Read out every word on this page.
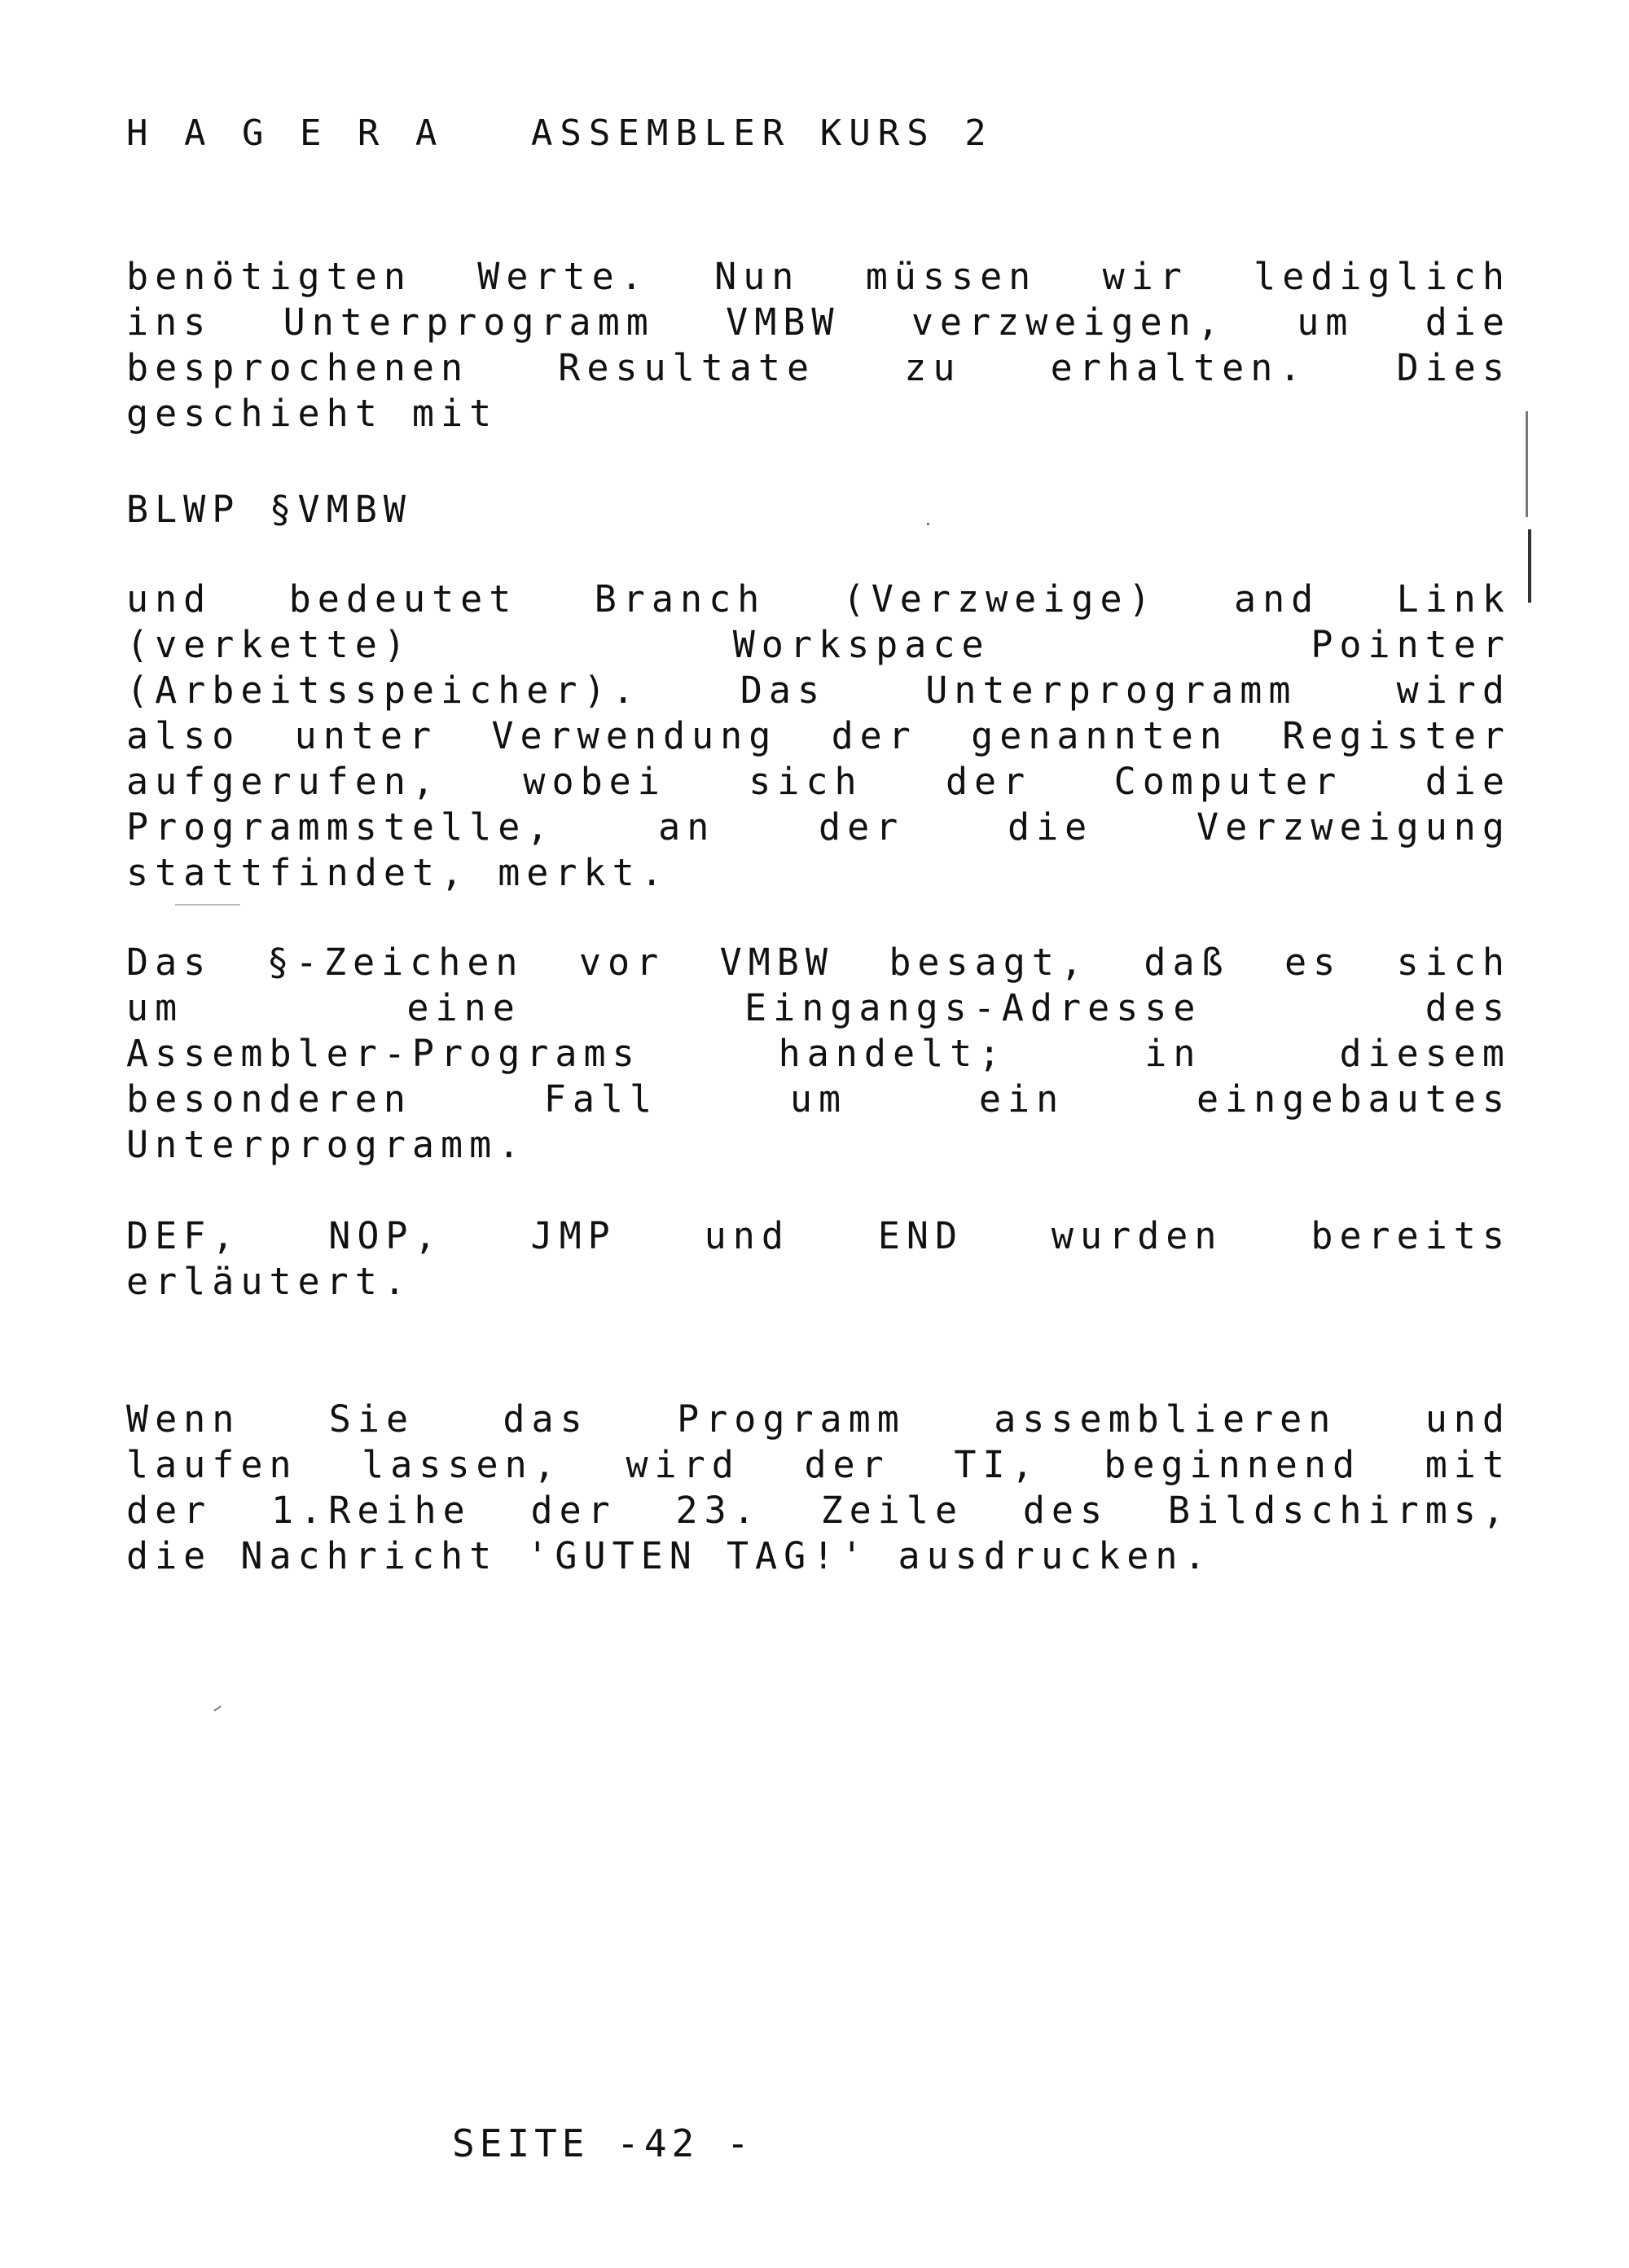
H A G E R A   ASSEMBLER KURS 2
benötigten Werte. Nun müssen wir lediglich
ins Unterprogramm VMBW verzweigen, um die
besprochenen Resultate zu erhalten. Dies
geschieht mit
BLWP §VMBW
und bedeutet Branch (Verzweige) and Link
(verkette) Workspace Pointer
(Arbeitsspeicher). Das Unterprogramm wird
also unter Verwendung der genannten Register
aufgerufen, wobei sich der Computer die
Programmstelle, an der die Verzweigung
stattfindet, merkt.
Das §-Zeichen vor VMBW besagt, daß es sich
um eine Eingangs-Adresse des
Assembler-Programs handelt; in diesem
besonderen Fall um ein eingebautes
Unterprogramm.
DEF, NOP, JMP und END wurden bereits
erläutert.
Wenn Sie das Programm assemblieren und
laufen lassen, wird der TI, beginnend mit
der 1.Reihe der 23. Zeile des Bildschirms,
die Nachricht 'GUTEN TAG!' ausdrucken.
SEITE -42 -
